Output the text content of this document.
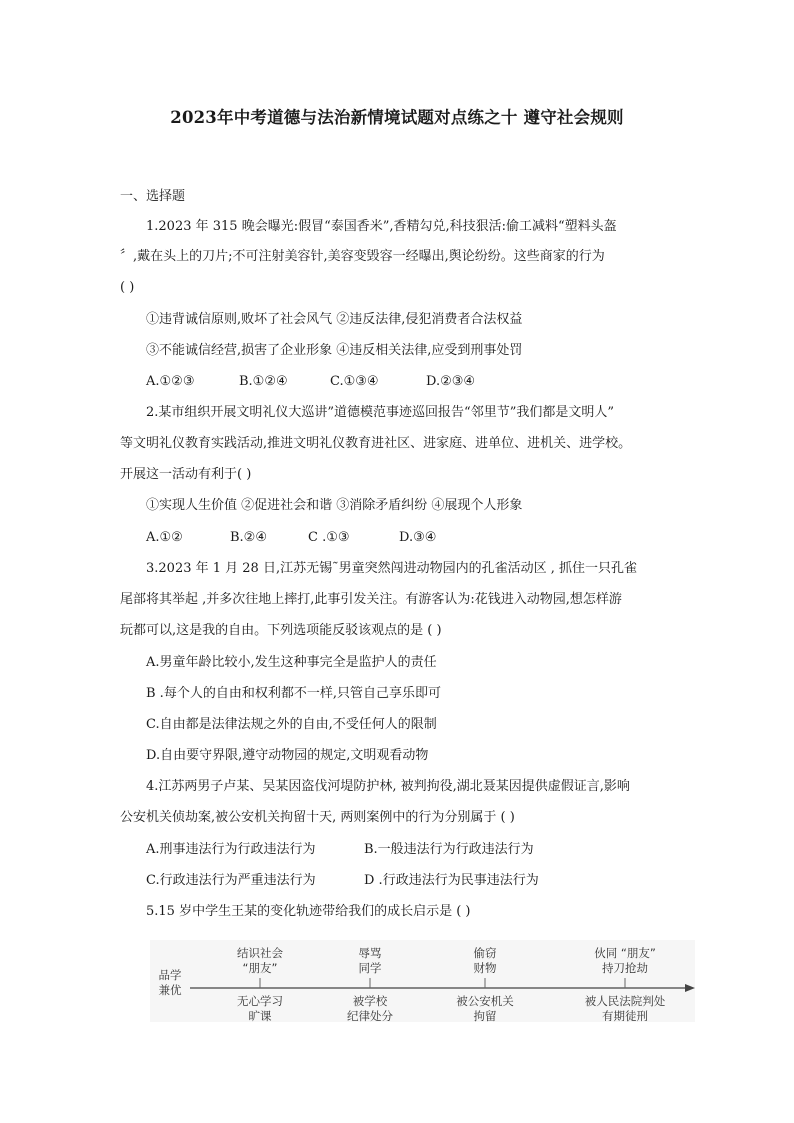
2023年中考道德与法治新情境试题对点练之十 遵守社会规则
一、选择题
1.2023 年 315 晚会曝光:假冒“泰国香米”,香精勾兑,科技狠活:偷工减料“塑料头盔
〞,戴在头上的刀片;不可注射美容针,美容变毁容一经曝出,舆论纷纷。这些商家的行为
( )
①违背诚信原则,败坏了社会风气 ②违反法律,侵犯消费者合法权益
③不能诚信经营,损害了企业形象 ④违反相关法律,应受到刑事处罚
A.①②③	B.①②④	C.①③④	D.②③④
2.某市组织开展文明礼仪大巡讲”道德模范事迹巡回报告“邻里节”我们都是文明人”
等文明礼仪教育实践活动,推进文明礼仪教育进社区、进家庭、进单位、进机关、进学校。
开展这一活动有利于( )
①实现人生价值 ②促进社会和谐 ③消除矛盾纠纷 ④展现个人形象
A.①②	B.②④	C .①③	D.③④
3.2023 年 1 月 28 日,江苏无锡˜男童突然闯进动物园内的孔雀活动区 , 抓住一只孔雀
尾部将其举起 ,并多次往地上摔打,此事引发关注。有游客认为:花钱进入动物园,想怎样游
玩都可以,这是我的自由。下列选项能反驳该观点的是 ( )
A.男童年龄比较小,发生这种事完全是监护人的责任
B .每个人的自由和权利都不一样,只管自己享乐即可
C.自由都是法律法规之外的自由,不受任何人的限制
D.自由要守界限,遵守动物园的规定,文明观看动物
4.江苏两男子卢某、吴某因盗伐河堤防护林, 被判拘役,湖北聂某因提供虚假证言,影响
公安机关侦劫案,被公安机关拘留十天, 两则案例中的行为分别属于 ( )
A.刑事违法行为行政违法行为	B.一般违法行为行政违法行为
C.行政违法行为严重违法行为	D .行政违法行为民事违法行为
5.15 岁中学生王某的变化轨迹带给我们的成长启示是 ( )
品学
兼优
结识社会
“朋友”
辱骂
同学
偷窃
财物
伙同 “朋友”
持刀抢劫
无心学习
旷课
被学校
纪律处分
被公安机关
拘留
被人民法院判处
有期徒刑
